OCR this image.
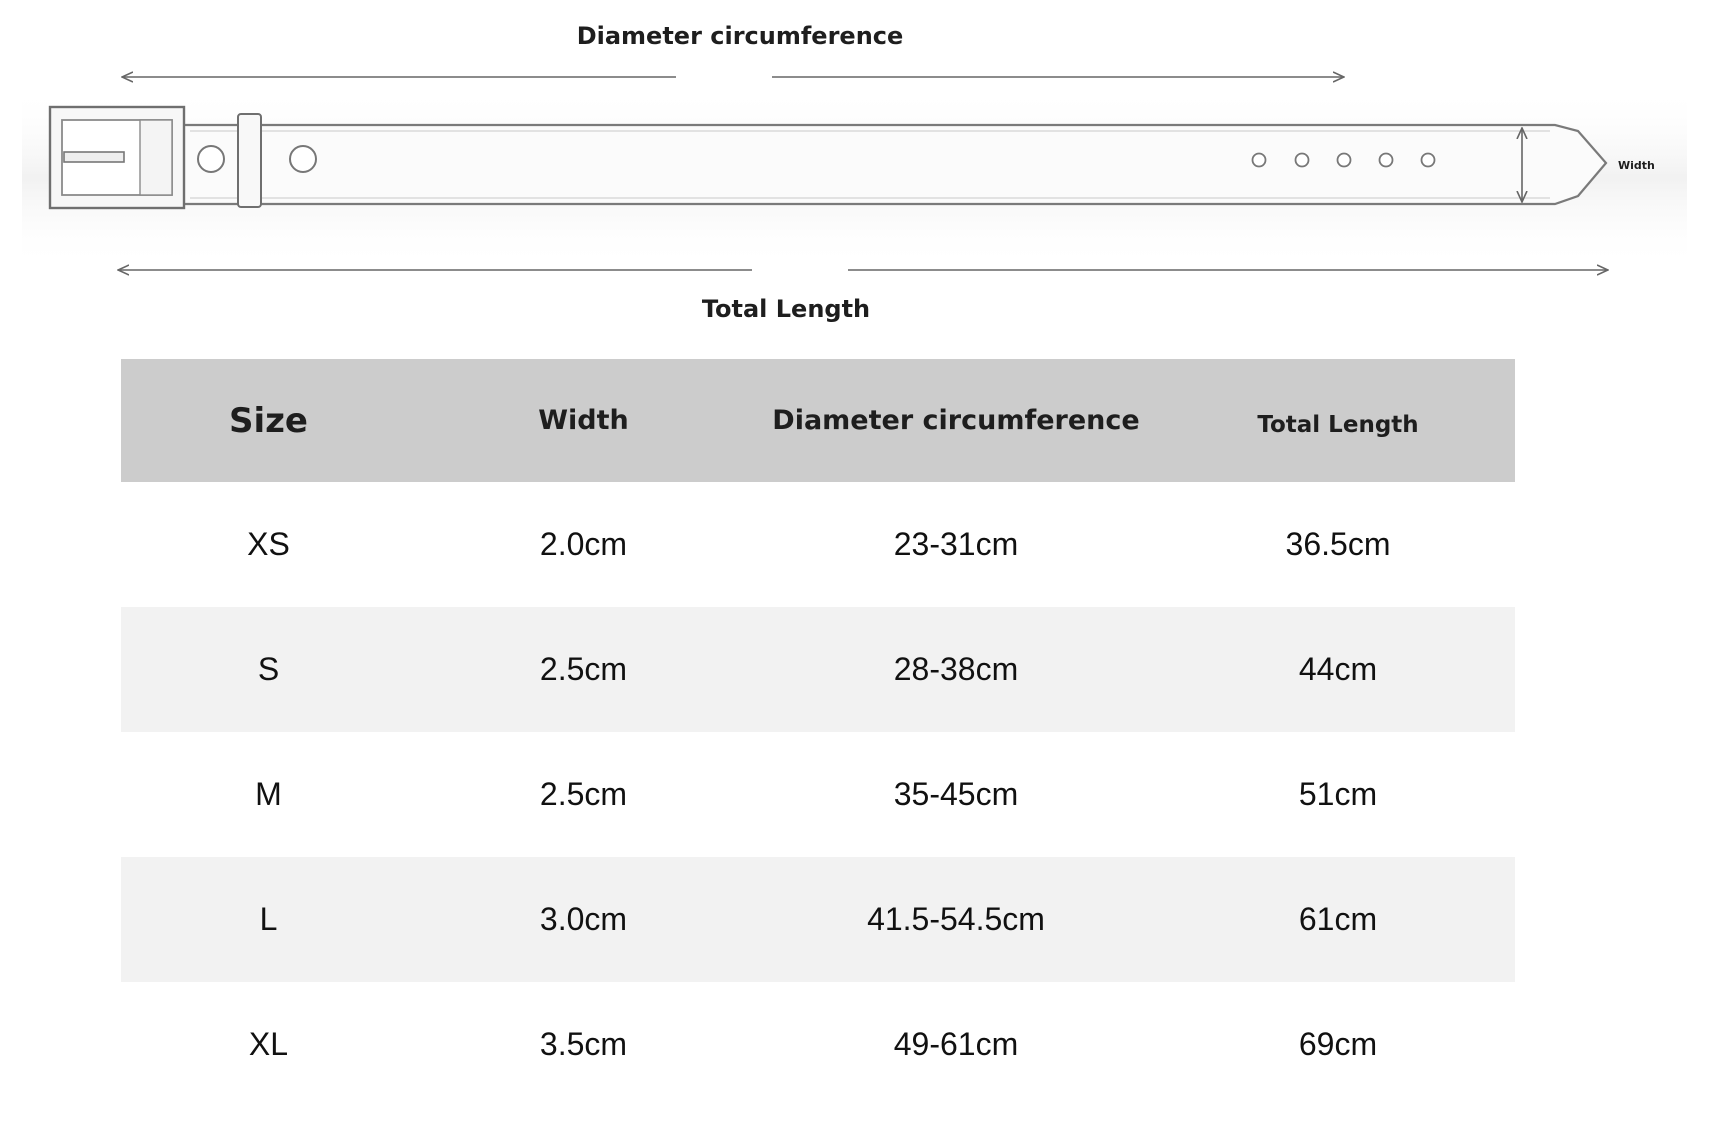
Diameter circumference
Width
Total Length
Size	Width	Diameter circumference	Total Length
XS	2.0cm	23-31cm	36.5cm
S	2.5cm	28-38cm	44cm
M	2.5cm	35-45cm	51cm
L	3.0cm	41.5-54.5cm	61cm
XL	3.5cm	49-61cm	69cm
